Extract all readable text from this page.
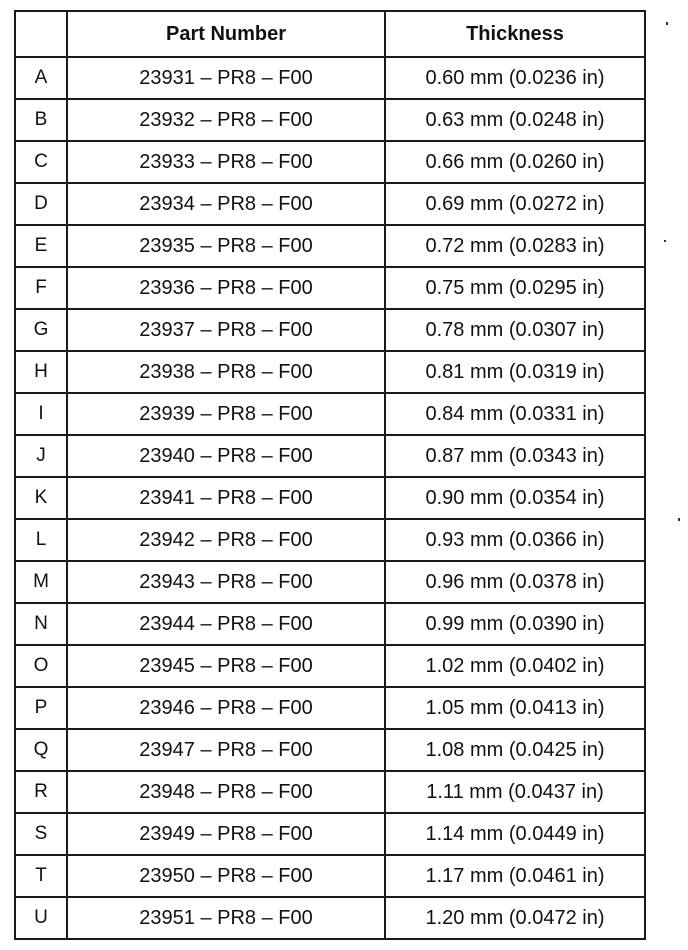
	Part Number	Thickness
A	23931 – PR8 – F00	0.60 mm (0.0236 in)
B	23932 – PR8 – F00	0.63 mm (0.0248 in)
C	23933 – PR8 – F00	0.66 mm (0.0260 in)
D	23934 – PR8 – F00	0.69 mm (0.0272 in)
E	23935 – PR8 – F00	0.72 mm (0.0283 in)
F	23936 – PR8 – F00	0.75 mm (0.0295 in)
G	23937 – PR8 – F00	0.78 mm (0.0307 in)
H	23938 – PR8 – F00	0.81 mm (0.0319 in)
I	23939 – PR8 – F00	0.84 mm (0.0331 in)
J	23940 – PR8 – F00	0.87 mm (0.0343 in)
K	23941 – PR8 – F00	0.90 mm (0.0354 in)
L	23942 – PR8 – F00	0.93 mm (0.0366 in)
M	23943 – PR8 – F00	0.96 mm (0.0378 in)
N	23944 – PR8 – F00	0.99 mm (0.0390 in)
O	23945 – PR8 – F00	1.02 mm (0.0402 in)
P	23946 – PR8 – F00	1.05 mm (0.0413 in)
Q	23947 – PR8 – F00	1.08 mm (0.0425 in)
R	23948 – PR8 – F00	1.11 mm (0.0437 in)
S	23949 – PR8 – F00	1.14 mm (0.0449 in)
T	23950 – PR8 – F00	1.17 mm (0.0461 in)
U	23951 – PR8 – F00	1.20 mm (0.0472 in)
